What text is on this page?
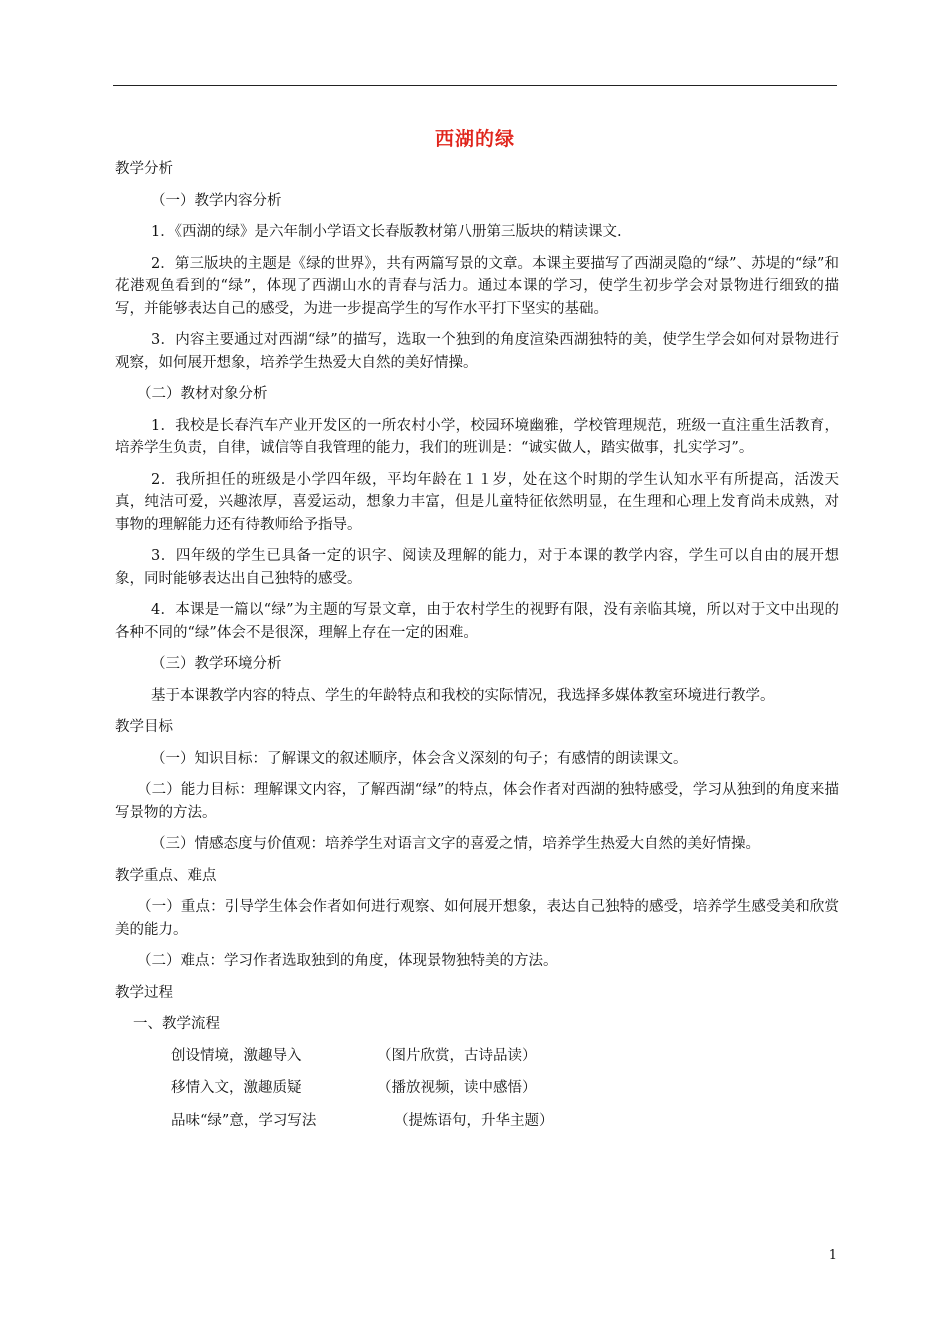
西湖的绿

教学分析

（一）教学内容分析

1．《西湖的绿》是六年制小学语文长春版教材第八册第三版块的精读课文.

2．第三版块的主题是《绿的世界》，共有两篇写景的文章。本课主要描写了西湖灵隐的“绿”、苏堤的“绿”和花港观鱼看到的“绿”，体现了西湖山水的青春与活力。通过本课的学习，使学生初步学会对景物进行细致的描写，并能够表达自己的感受，为进一步提高学生的写作水平打下坚实的基础。

3．内容主要通过对西湖“绿”的描写，选取一个独到的角度渲染西湖独特的美，使学生学会如何对景物进行观察，如何展开想象，培养学生热爱大自然的美好情操。

（二）教材对象分析

1．我校是长春汽车产业开发区的一所农村小学，校园环境幽雅，学校管理规范，班级一直注重生活教育，培养学生负责，自律，诚信等自我管理的能力，我们的班训是：“诚实做人，踏实做事，扎实学习”。

2．我所担任的班级是小学四年级，平均年龄在１１岁，处在这个时期的学生认知水平有所提高，活泼天真，纯洁可爱，兴趣浓厚，喜爱运动，想象力丰富，但是儿童特征依然明显，在生理和心理上发育尚未成熟，对事物的理解能力还有待教师给予指导。

3．四年级的学生已具备一定的识字、阅读及理解的能力，对于本课的教学内容，学生可以自由的展开想象，同时能够表达出自己独特的感受。

4．本课是一篇以“绿”为主题的写景文章，由于农村学生的视野有限，没有亲临其境，所以对于文中出现的各种不同的“绿”体会不是很深，理解上存在一定的困难。

（三）教学环境分析

基于本课教学内容的特点、学生的年龄特点和我校的实际情况，我选择多媒体教室环境进行教学。

教学目标

（一）知识目标：了解课文的叙述顺序，体会含义深刻的句子；有感情的朗读课文。

（二）能力目标：理解课文内容，了解西湖“绿”的特点，体会作者对西湖的独特感受，学习从独到的角度来描写景物的方法。

（三）情感态度与价值观：培养学生对语言文字的喜爱之情，培养学生热爱大自然的美好情操。

教学重点、难点

（一）重点：引导学生体会作者如何进行观察、如何展开想象，表达自己独特的感受，培养学生感受美和欣赏美的能力。

（二）难点：学习作者选取独到的角度，体现景物独特美的方法。

教学过程

一、教学流程

创设情境，激趣导入	（图片欣赏，古诗品读）
移情入文，激趣质疑	（播放视频，读中感悟）
品味“绿”意，学习写法	（提炼语句，升华主题）
1
